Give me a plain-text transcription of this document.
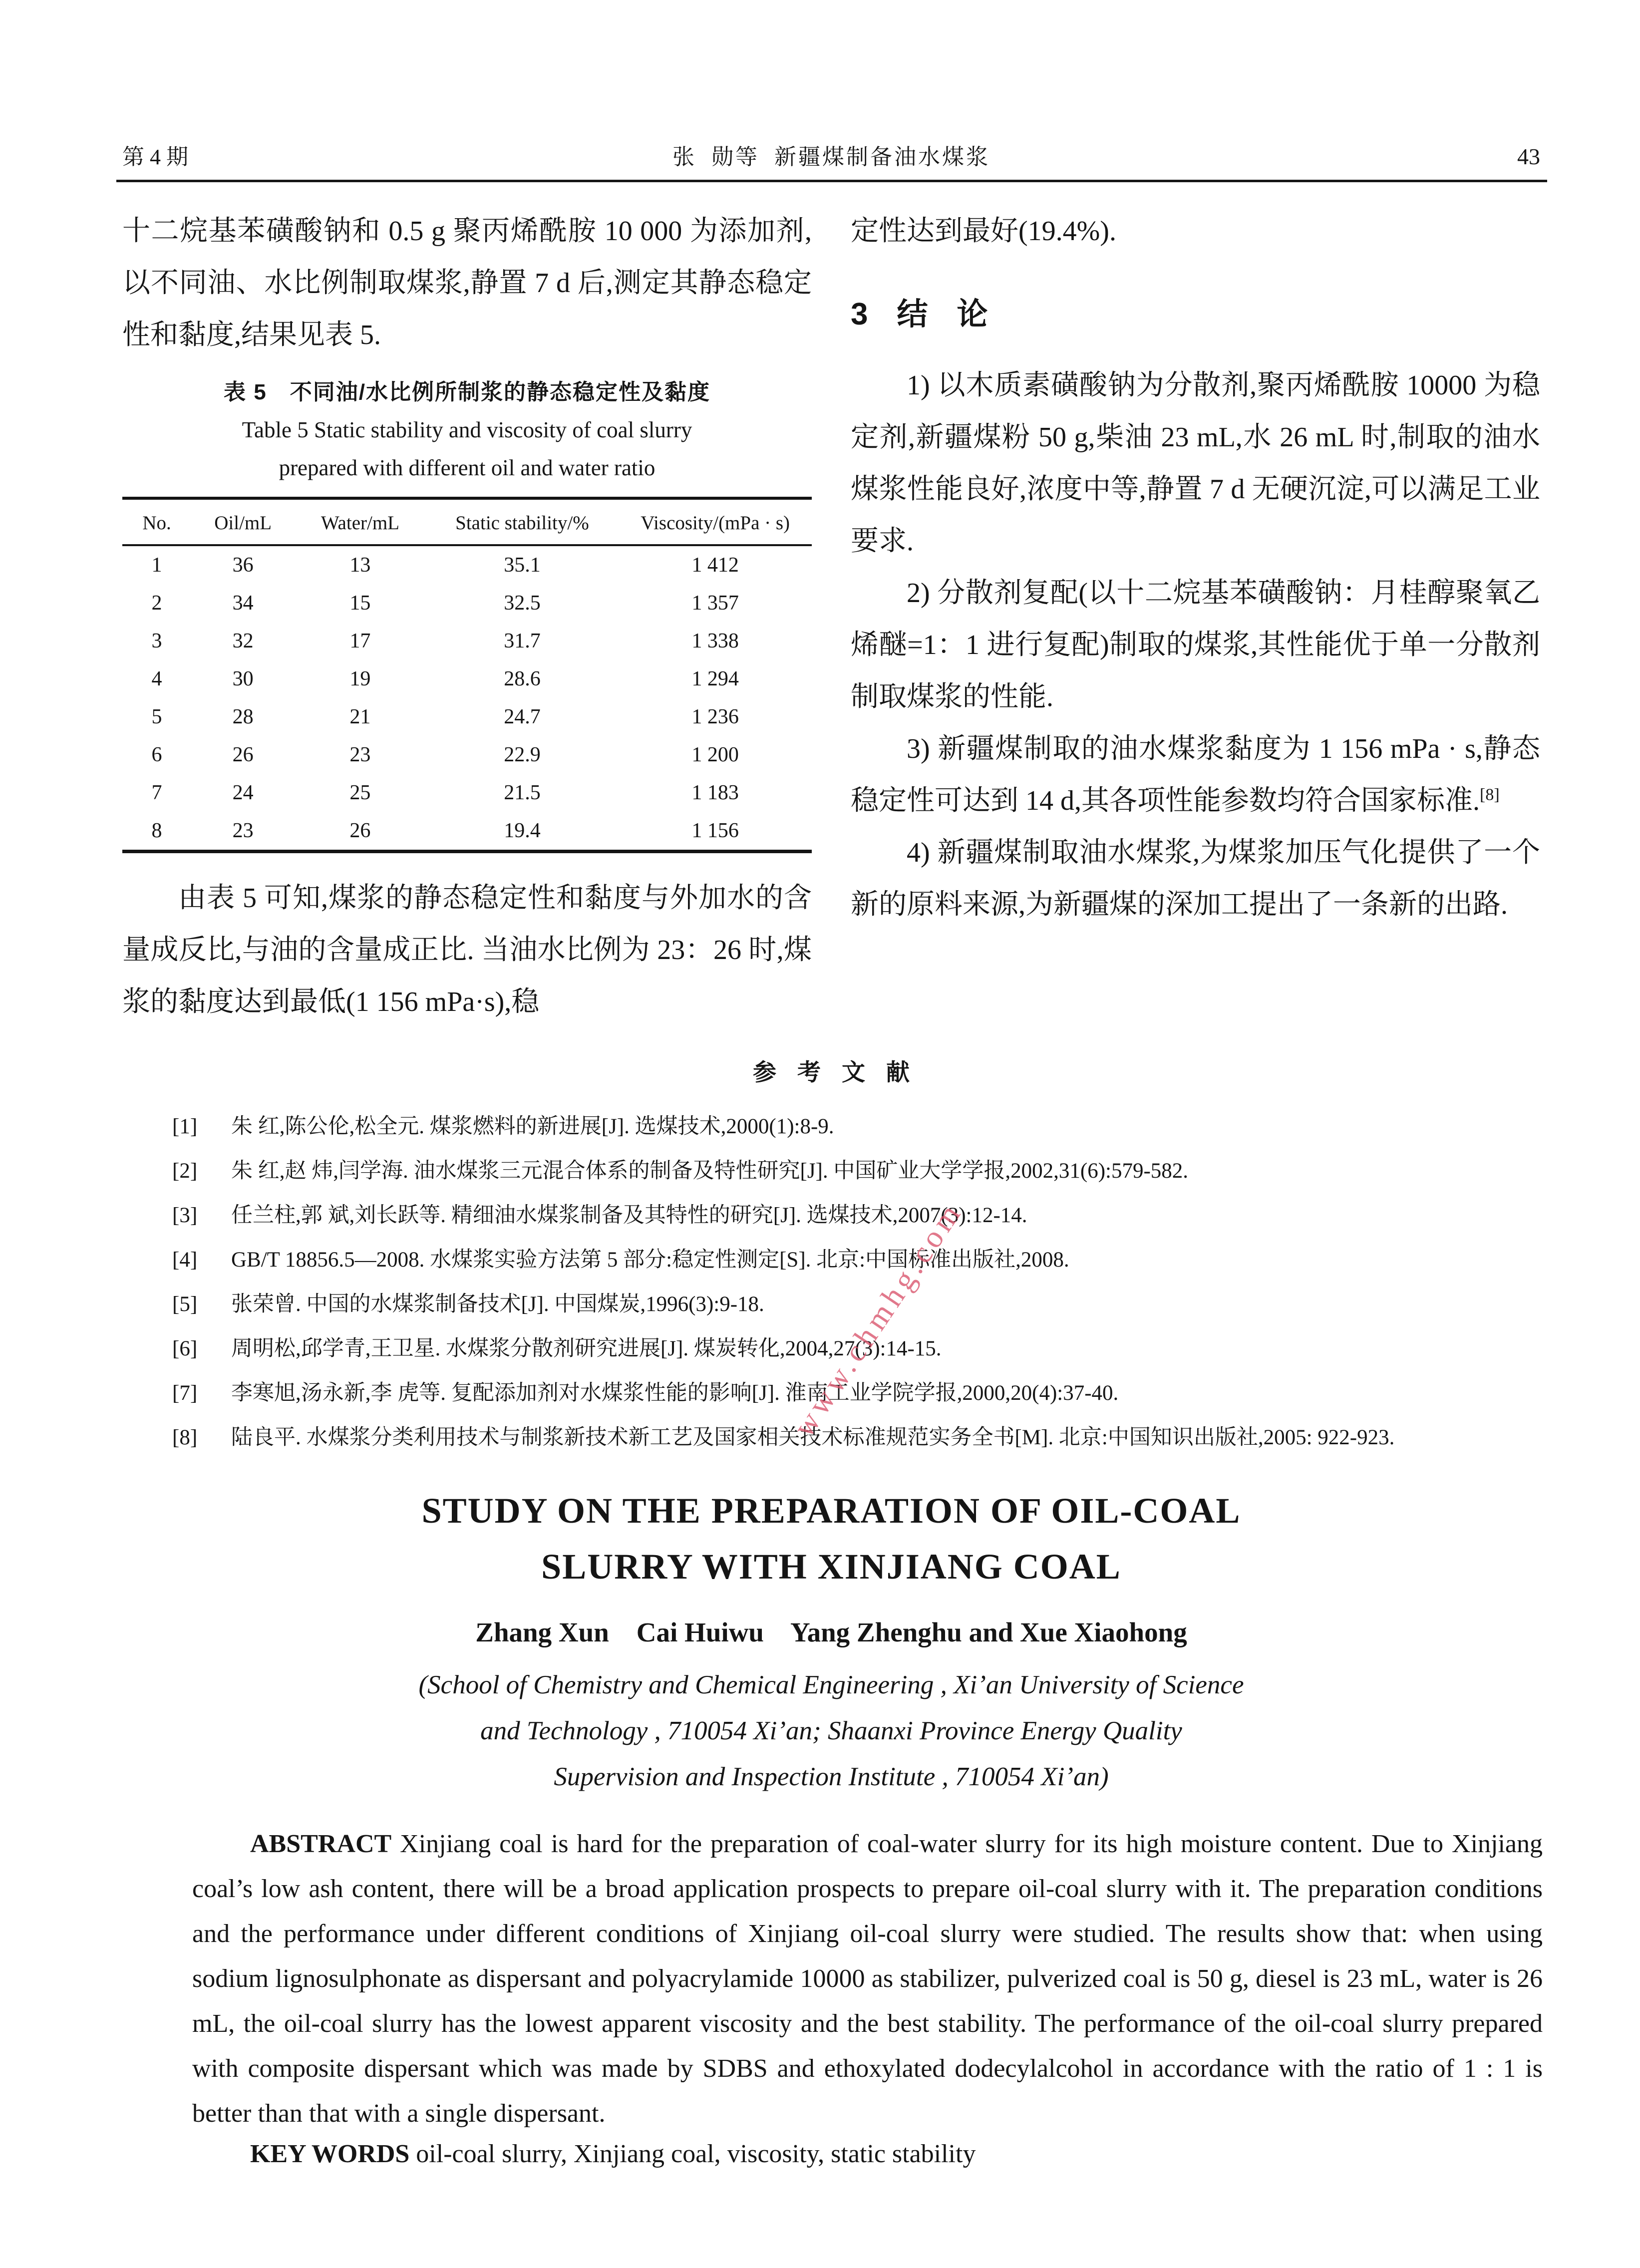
第 4 期	张  勋等  新疆煤制备油水煤浆	43

十二烷基苯磺酸钠和 0.5 g 聚丙烯酰胺 10 000 为添加剂,以不同油、水比例制取煤浆,静置 7 d 后,测定其静态稳定性和黏度,结果见表 5.

表 5　不同油/水比例所制浆的静态稳定性及黏度
Table 5 Static stability and viscosity of coal slurry
prepared with different oil and water ratio
No.	Oil/mL	Water/mL	Static stability/%	Viscosity/(mPa · s)
1	36	13	35.1	1 412
2	34	15	32.5	1 357
3	32	17	31.7	1 338
4	30	19	28.6	1 294
5	28	21	24.7	1 236
6	26	23	22.9	1 200
7	24	25	21.5	1 183
8	23	26	19.4	1 156

由表 5 可知,煤浆的静态稳定性和黏度与外加水的含量成反比,与油的含量成正比. 当油水比例为 23：26 时,煤浆的黏度达到最低(1 156 mPa·s),稳

定性达到最好(19.4%).

3 结论

1) 以木质素磺酸钠为分散剂,聚丙烯酰胺 10000 为稳定剂,新疆煤粉 50 g,柴油 23 mL,水 26 mL 时,制取的油水煤浆性能良好,浓度中等,静置 7 d 无硬沉淀,可以满足工业要求.

2) 分散剂复配(以十二烷基苯磺酸钠：月桂醇聚氧乙烯醚=1：1 进行复配)制取的煤浆,其性能优于单一分散剂制取煤浆的性能.

3) 新疆煤制取的油水煤浆黏度为 1 156 mPa · s,静态稳定性可达到 14 d,其各项性能参数均符合国家标准.[8]

4) 新疆煤制取油水煤浆,为煤浆加压气化提供了一个新的原料来源,为新疆煤的深加工提出了一条新的出路.

参考文献
[1] 朱 红,陈公伦,松全元. 煤浆燃料的新进展[J]. 选煤技术,2000(1):8-9.
[2] 朱 红,赵 炜,闫学海. 油水煤浆三元混合体系的制备及特性研究[J]. 中国矿业大学学报,2002,31(6):579-582.
[3] 任兰柱,郭 斌,刘长跃等. 精细油水煤浆制备及其特性的研究[J]. 选煤技术,2007(3):12-14.
[4] GB/T 18856.5—2008. 水煤浆实验方法第 5 部分:稳定性测定[S]. 北京:中国标准出版社,2008.
[5] 张荣曾. 中国的水煤浆制备技术[J]. 中国煤炭,1996(3):9-18.
[6] 周明松,邱学青,王卫星. 水煤浆分散剂研究进展[J]. 煤炭转化,2004,27(3):14-15.
[7] 李寒旭,汤永新,李 虎等. 复配添加剂对水煤浆性能的影响[J]. 淮南工业学院学报,2000,20(4):37-40.
[8] 陆良平. 水煤浆分类利用技术与制浆新技术新工艺及国家相关技术标准规范实务全书[M]. 北京:中国知识出版社,2005: 922-923.
STUDY ON THE PREPARATION OF OIL-COAL
SLURRY WITH XINJIANG COAL
Zhang Xun    Cai Huiwu    Yang Zhenghu and Xue Xiaohong
(School of Chemistry and Chemical Engineering , Xi’an University of Science
and Technology , 710054 Xi’an; Shaanxi Province Energy Quality
Supervision and Inspection Institute , 710054 Xi’an)

ABSTRACT Xinjiang coal is hard for the preparation of coal-water slurry for its high moisture content. Due to Xinjiang coal’s low ash content, there will be a broad application prospects to prepare oil-coal slurry with it. The preparation conditions and the performance under different conditions of Xinjiang oil-coal slurry were studied. The results show that: when using sodium lignosulphonate as dispersant and polyacrylamide 10000 as stabilizer, pulverized coal is 50 g, diesel is 23 mL, water is 26 mL, the oil-coal slurry has the lowest apparent viscosity and the best stability. The performance of the oil-coal slurry prepared with composite dispersant which was made by SDBS and ethoxylated dodecylalcohol in accordance with the ratio of 1 : 1 is better than that with a single dispersant.

KEY WORDS oil-coal slurry, Xinjiang coal, viscosity, static stability

www.chmhg.com
